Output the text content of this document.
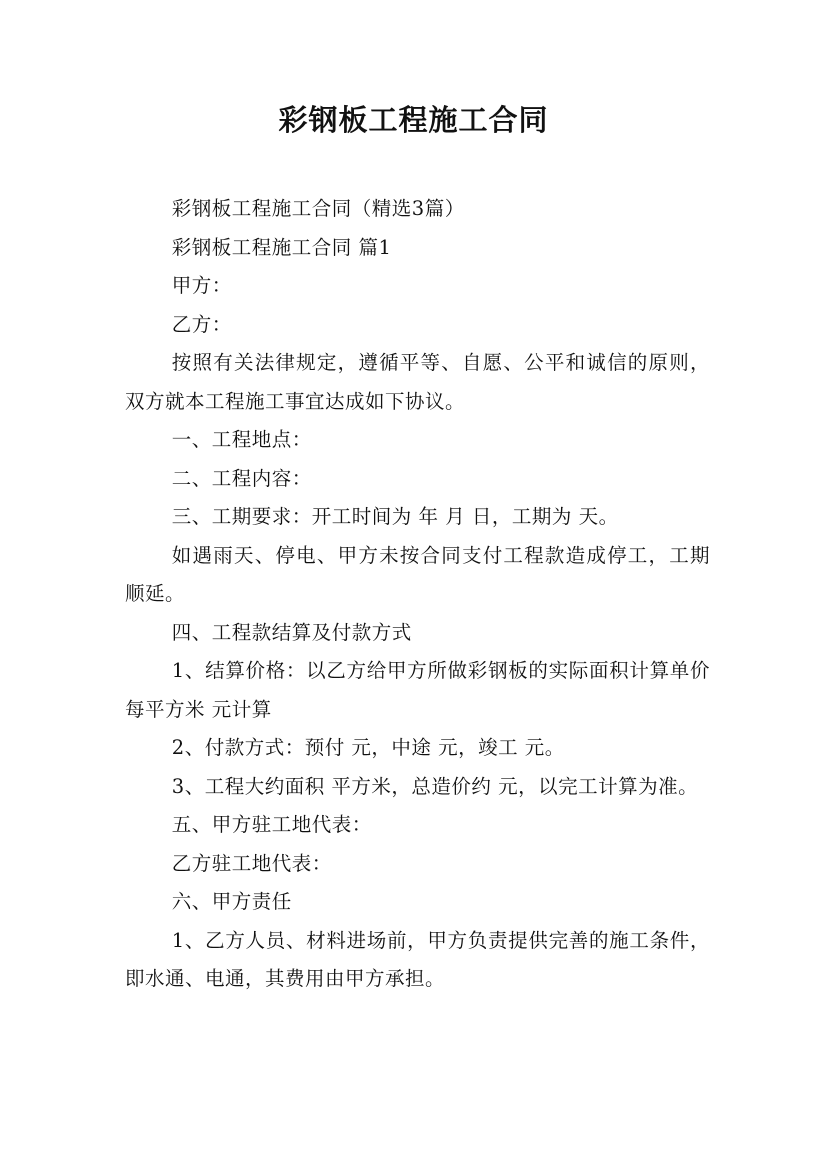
彩钢板工程施工合同

彩钢板工程施工合同（精选3篇）

彩钢板工程施工合同 篇1

甲方：

乙方：

按照有关法律规定，遵循平等、自愿、公平和诚信的原则，双方就本工程施工事宜达成如下协议。

一、工程地点：

二、工程内容：

三、工期要求：开工时间为 年 月 日，工期为 天。

如遇雨天、停电、甲方未按合同支付工程款造成停工，工期顺延。

四、工程款结算及付款方式

1、结算价格：以乙方给甲方所做彩钢板的实际面积计算单价每平方米 元计算

2、付款方式：预付 元，中途 元，竣工 元。

3、工程大约面积 平方米，总造价约 元，以完工计算为准。

五、甲方驻工地代表：

乙方驻工地代表：

六、甲方责任

1、乙方人员、材料进场前，甲方负责提供完善的施工条件，即水通、电通，其费用由甲方承担。
